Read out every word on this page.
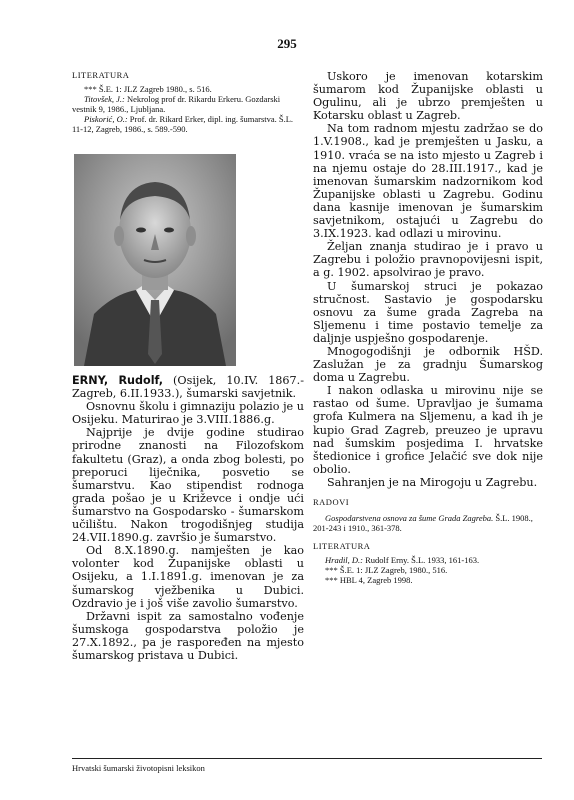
295
LITERATURA

*** Š.E. 1: JLZ Zagreb 1980., s. 516.

Titovšek, J.: Nekrolog prof dr. Rikardu Erkeru. Gozdarski vestnik 9, 1986., Ljubljana.

Piskorić, O.: Prof. dr. Rikard Erker, dipl. ing. šumarstva. Š.L. 11-12, Zagreb, 1986., s. 589.-590.

ERNY, Rudolf, (Osijek, 10.IV. 1867.- Zagreb, 6.II.1933.), šumarski savjetnik.

Osnovnu školu i gimnaziju polazio je u Osijeku. Maturirao je 3.VIII.1886.g.

Najprije je dvije godine studirao prirodne znanosti na Filozofskom fakultetu (Graz), a onda zbog bolesti, po preporuci liječnika, posvetio se šumarstvu. Kao stipendist rodnoga grada pošao je u Križevce i ondje ući šumarstvo na Gospodarsko - šumarskom učilištu. Nakon trogodišnjeg studija 24.VII.1890.g. završio je šumarstvo.

Od 8.X.1890.g. namješten je kao volonter kod Županijske oblasti u Osijeku, a 1.I.1891.g. imenovan je za šumarskog vježbenika u Dubici. Ozdravio je i još više zavolio šumarstvo.

Državni ispit za samostalno vođenje šumskoga gospodarstva položio je 27.X.1892., pa je raspoređen na mjesto šumarskog pristava u Dubici.

Uskoro je imenovan kotarskim šumarom kod Županijske oblasti u Ogulinu, ali je ubrzo premješten u Kotarsku oblast u Zagreb.

Na tom radnom mjestu zadržao se do 1.V.1908., kad je premješten u Jasku, a 1910. vraća se na isto mjesto u Zagreb i na njemu ostaje do 28.III.1917., kad je imenovan šumarskim nadzornikom kod Županijske oblasti u Zagrebu. Godinu dana kasnije imenovan je šumarskim savjetnikom, ostajući u Zagrebu do 3.IX.1923. kad odlazi u mirovinu.

Željan znanja studirao je i pravo u Zagrebu i položio pravnopovijesni ispit, a g. 1902. apsolvirao je pravo.

U šumarskoj struci je pokazao stručnost. Sastavio je gospodarsku osnovu za šume grada Zagreba na Sljemenu i time postavio temelje za daljnje uspješno gospodarenje.

Mnogogodišnji je odbornik HŠD. Zaslužan je za gradnju Šumarskog doma u Zagrebu.

I nakon odlaska u mirovinu nije se rastao od šume. Upravljao je šumama grofa Kulmera na Sljemenu, a kad ih je kupio Grad Zagreb, preuzeo je upravu nad šumskim posjedima I. hrvatske štedionice i grofice Jelačić sve dok nije obolio.

Sahranjen je na Mirogoju u Zagrebu.

RADOVI

Gospodarstvena osnova za šume Grada Zagreba. Š.L. 1908., 201-243 i 1910., 361-378.

LITERATURA

Hradil, D.: Rudolf Erny. Š.L. 1933, 161-163.

*** Š.E. 1: JLZ Zagreb, 1980., 516.

*** HBL 4, Zagreb 1998.

Hrvatski šumarski životopisni leksikon
